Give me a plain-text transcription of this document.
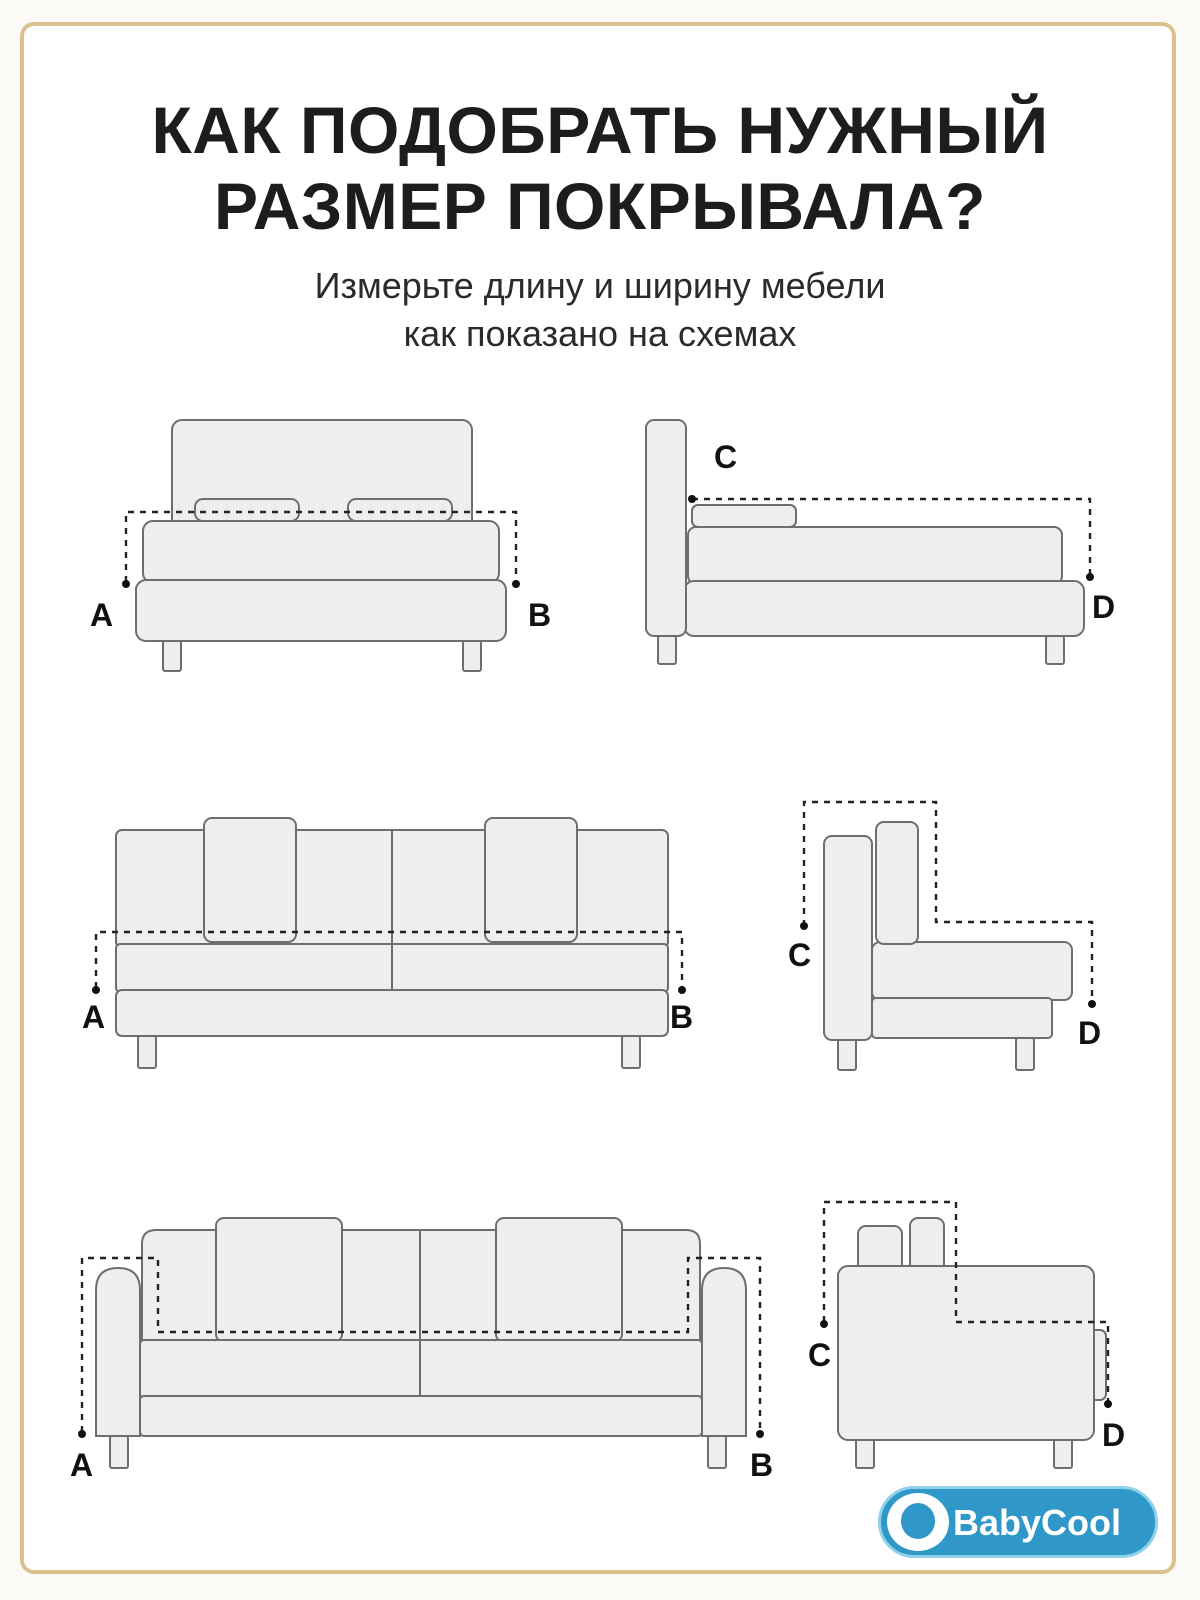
КАК ПОДОБРАТЬ НУЖНЫЙ
РАЗМЕР ПОКРЫВАЛА?
Измерьте длину и ширину мебели
как показано на схемах
A	B
C
D
A	B
C
D
A	B
C
D
BabyCool
